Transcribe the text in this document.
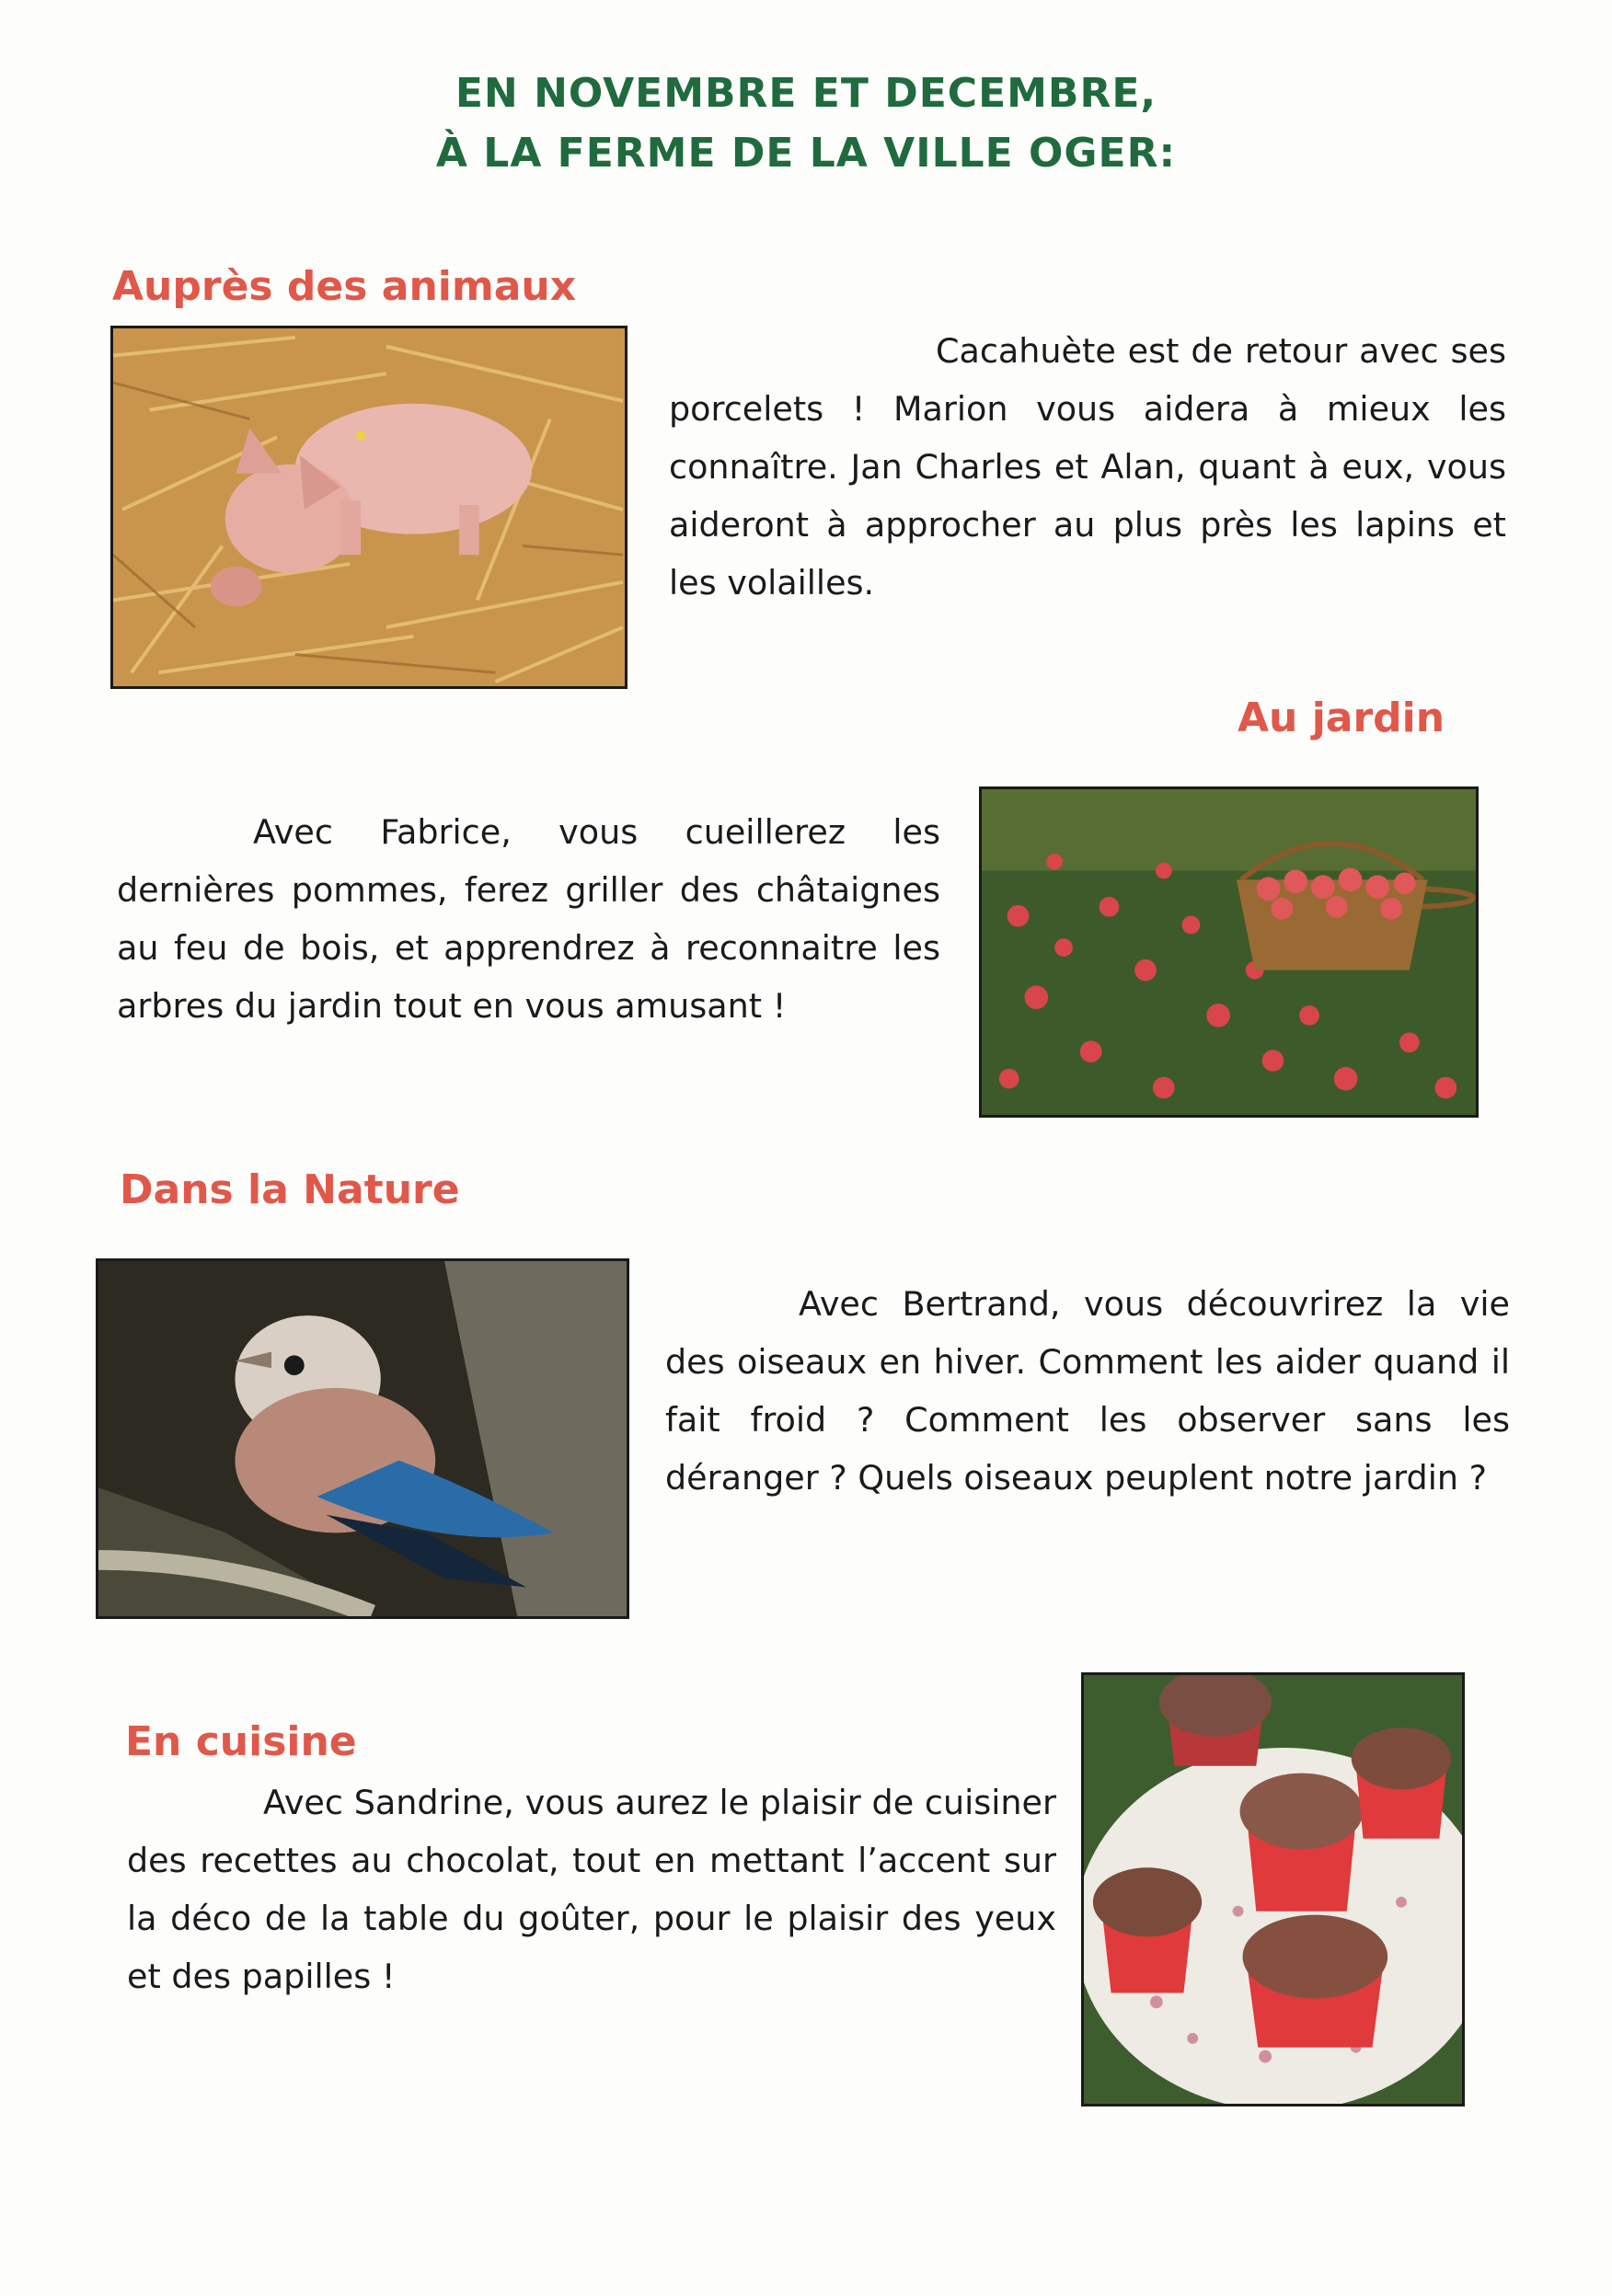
EN NOVEMBRE ET DECEMBRE,
À LA FERME DE LA VILLE OGER:
Auprès des animaux

Cacahuète est de retour avec ses porcelets ! Marion vous aidera à mieux les connaître. Jan Charles et Alan, quant à eux, vous aideront à approcher au plus près les lapins et les volailles.

Au jardin

Avec Fabrice, vous cueillerez les dernières pommes, ferez griller des châtaignes au feu de bois, et apprendrez à reconnaitre les arbres du jardin tout en vous amusant !

Dans la Nature

Avec Bertrand, vous découvrirez la vie des oiseaux en hiver. Comment les aider quand il fait froid ? Comment les observer sans les déranger ? Quels oiseaux peuplent notre jardin ?

En cuisine

Avec Sandrine, vous aurez le plaisir de cuisiner des recettes au chocolat, tout en mettant l’accent sur la déco de la table du goûter, pour le plaisir des yeux et des papilles !
